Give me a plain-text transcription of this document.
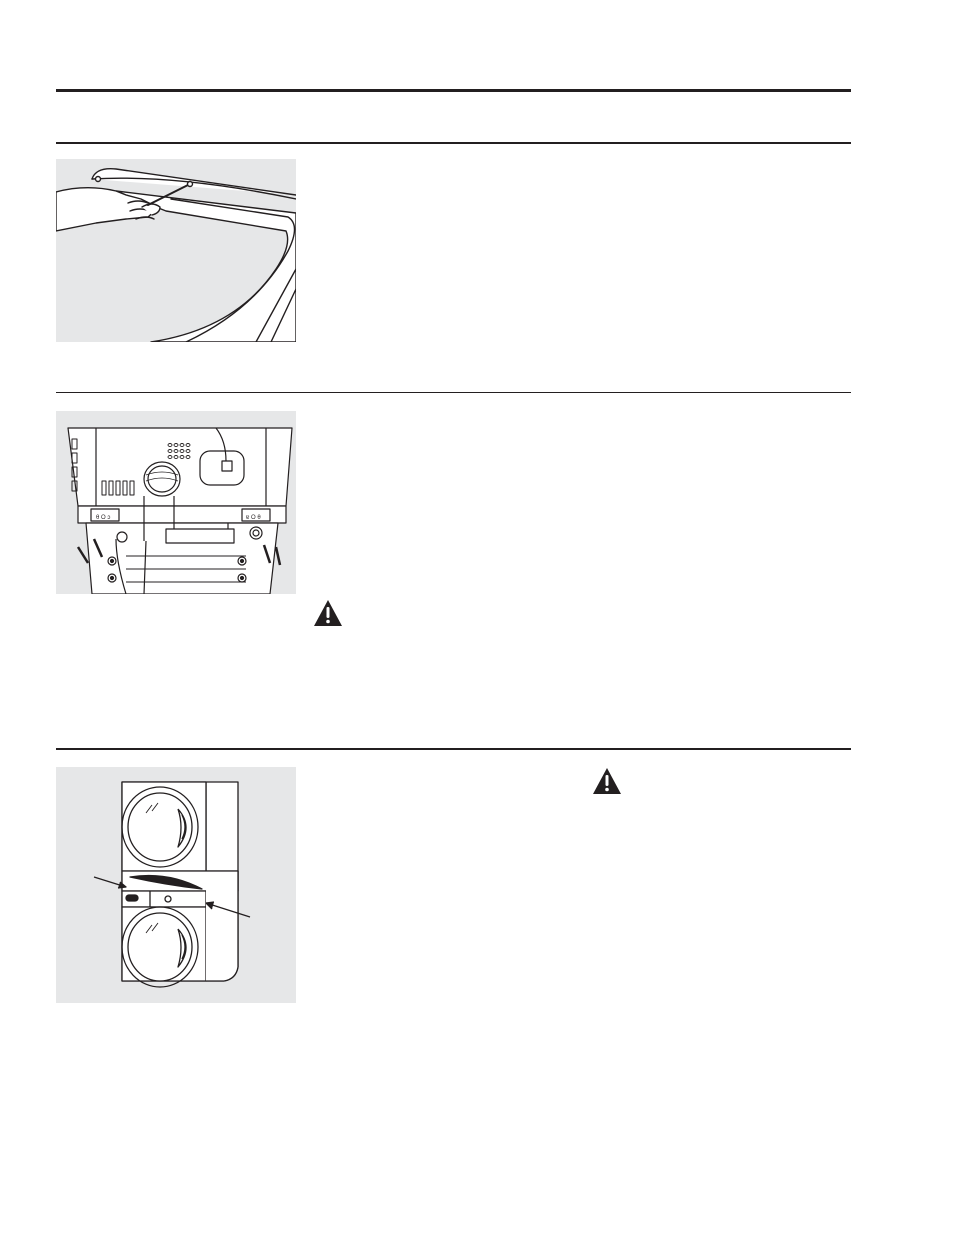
θ O ɔ	ɐ O θ
